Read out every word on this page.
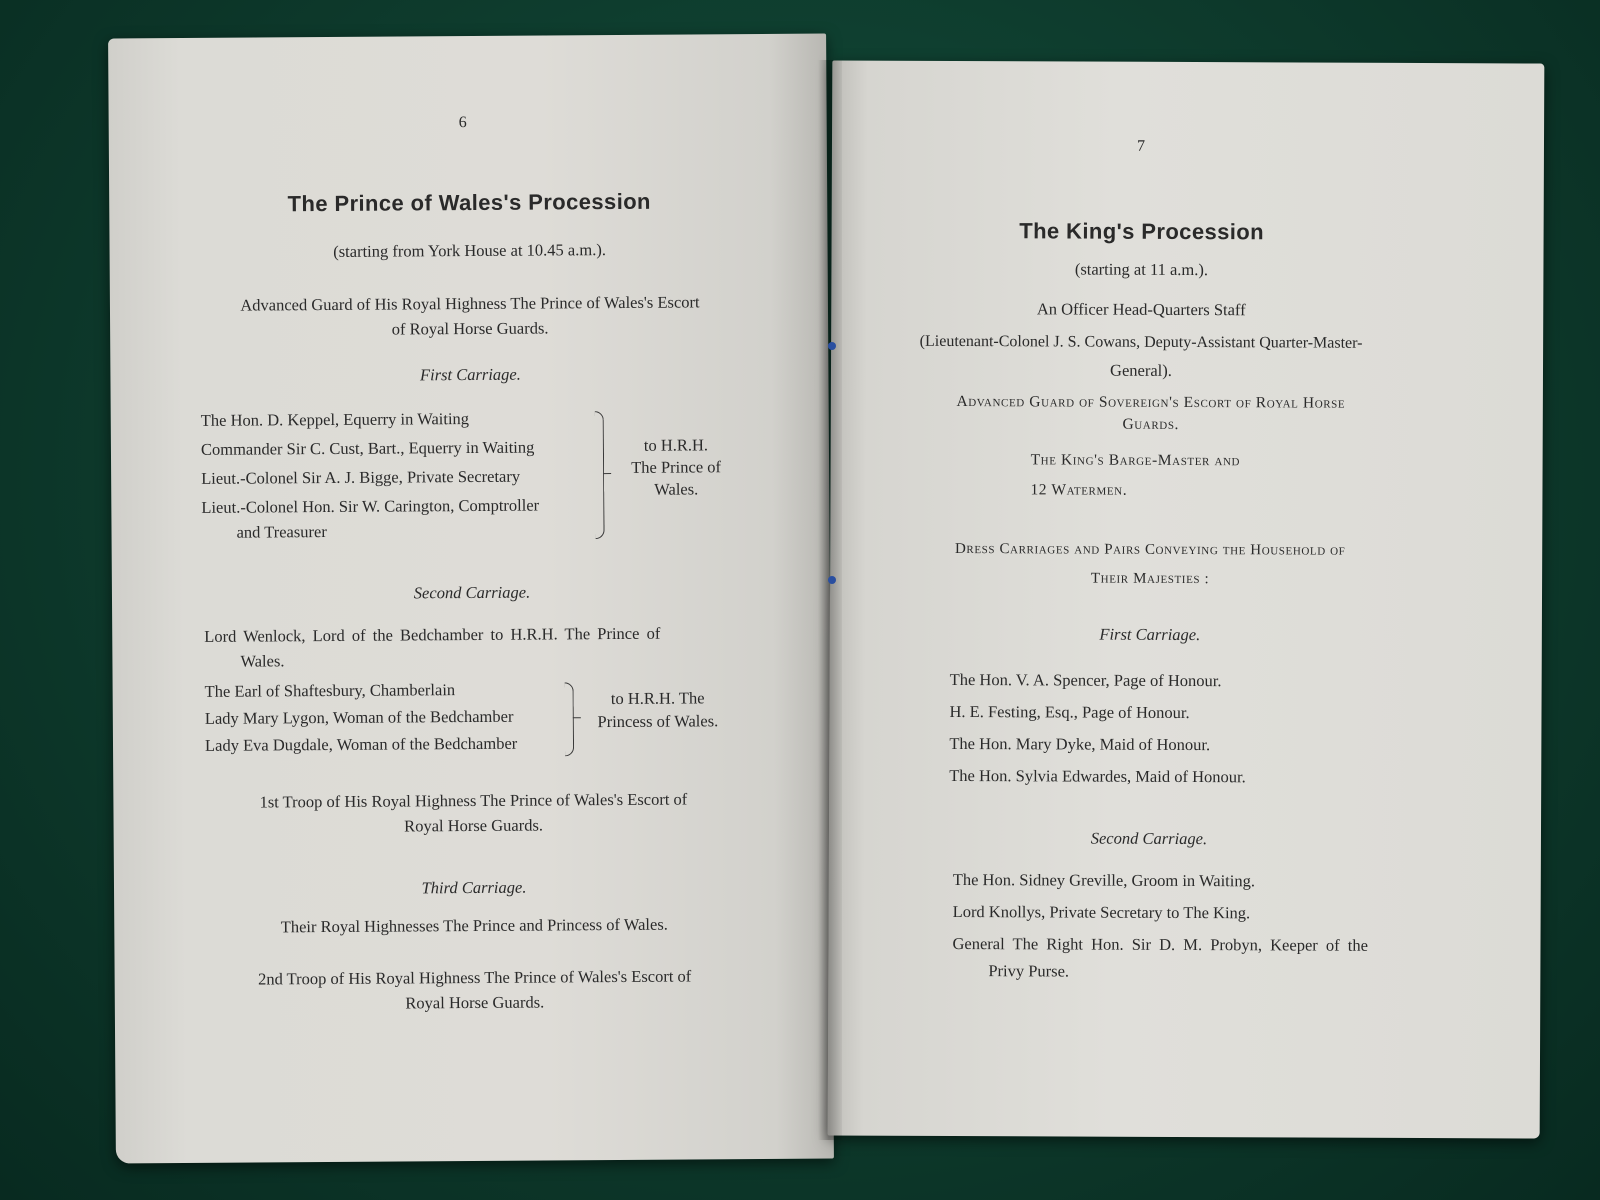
6
The Prince of Wales's Procession
(starting from York House at 10.45 a.m.).
Advanced Guard of His Royal Highness The Prince of Wales's Escort
of Royal Horse Guards.
First Carriage.
The Hon. D. Keppel, Equerry in Waiting
Commander Sir C. Cust, Bart., Equerry in Waiting
Lieut.-Colonel Sir A. J. Bigge, Private Secretary
Lieut.-Colonel Hon. Sir W. Carington, Comptroller
and Treasurer
to H.R.H.
The Prince of
Wales.
Second Carriage.
Lord Wenlock, Lord of the Bedchamber to H.R.H. The Prince of
Wales.
The Earl of Shaftesbury, Chamberlain
Lady Mary Lygon, Woman of the Bedchamber
Lady Eva Dugdale, Woman of the Bedchamber
to H.R.H. The
Princess of Wales.
1st Troop of His Royal Highness The Prince of Wales's Escort of
Royal Horse Guards.
Third Carriage.
Their Royal Highnesses The Prince and Princess of Wales.
2nd Troop of His Royal Highness The Prince of Wales's Escort of
Royal Horse Guards.
7
The King's Procession
(starting at 11 a.m.).
An Officer Head-Quarters Staff
(Lieutenant-Colonel J. S. Cowans, Deputy-Assistant Quarter-Master-
General).
Advanced Guard of Sovereign's Escort of Royal Horse
Guards.
The King's Barge-Master and
12 Watermen.
Dress Carriages and Pairs Conveying the Household of
Their Majesties :
First Carriage.
The Hon. V. A. Spencer, Page of Honour.
H. E. Festing, Esq., Page of Honour.
The Hon. Mary Dyke, Maid of Honour.
The Hon. Sylvia Edwardes, Maid of Honour.
Second Carriage.
The Hon. Sidney Greville, Groom in Waiting.
Lord Knollys, Private Secretary to The King.
General The Right Hon. Sir D. M. Probyn, Keeper of the
Privy Purse.
